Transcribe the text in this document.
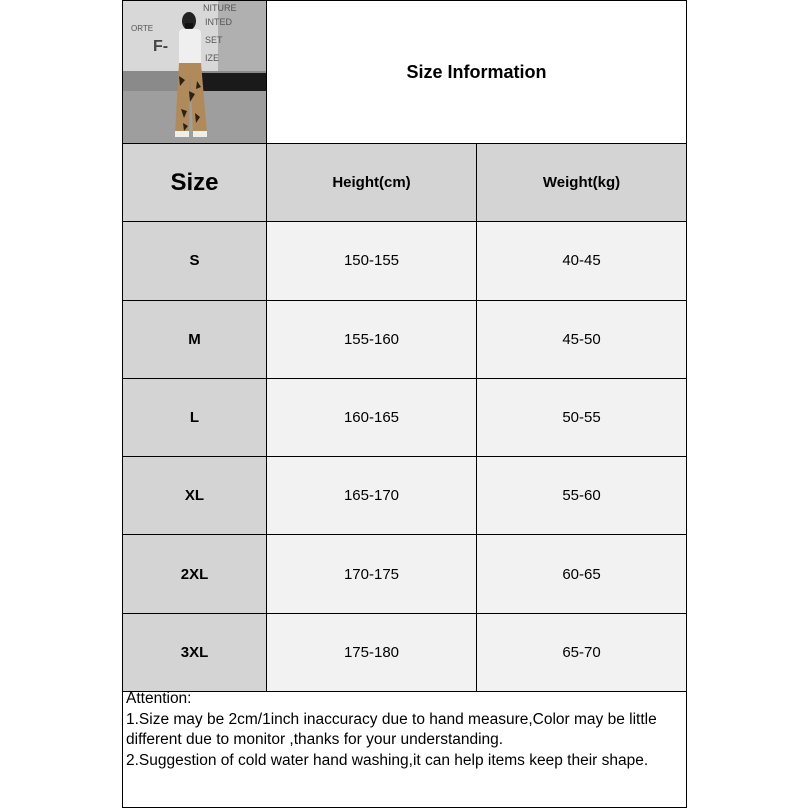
NITURE
ORTE
INTED
F-	SET
IZE
Size Information
Size	Height(cm)	Weight(kg)
S	150-155	40-45
M	155-160	45-50
L	160-165	50-55
XL	165-170	55-60
2XL	170-175	60-65
3XL	175-180	65-70
Attention:
1.Size may be 2cm/1inch inaccuracy due to hand measure,Color may be little different due to monitor ,thanks for your understanding.
2.Suggestion of cold water hand washing,it can help items keep their shape.
